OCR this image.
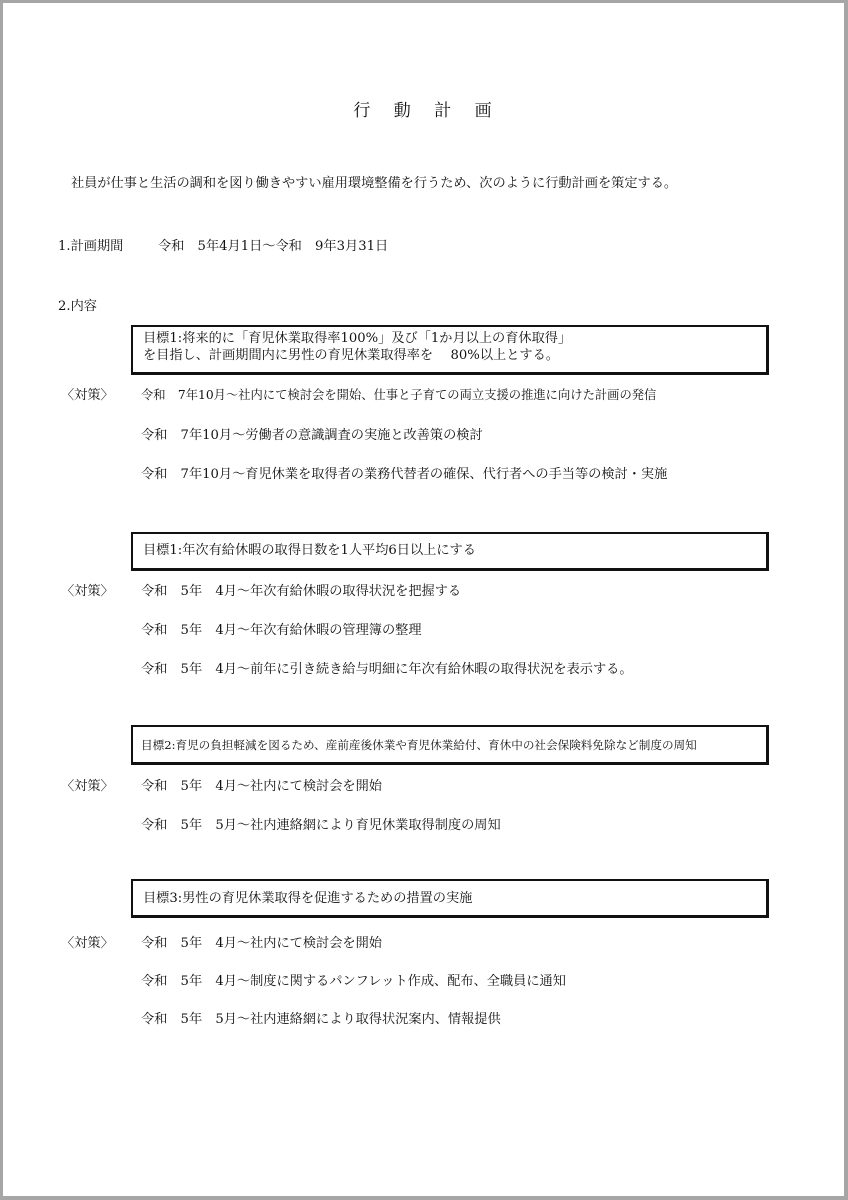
行 動 計 画
社員が仕事と生活の調和を図り働きやすい雇用環境整備を行うため、次のように行動計画を策定する。
1.計画期間	令和　5年4月1日～令和　9年3月31日
2.内容
目標1:将来的に「育児休業取得率100%」及び「1か月以上の育休取得」
を目指し、計画期間内に男性の育児休業取得率を　 80%以上とする。
〈対策〉 令和　7年10月～社内にて検討会を開始、仕事と子育ての両立支援の推進に向けた計画の発信
令和　7年10月～労働者の意識調査の実施と改善策の検討
令和　7年10月～育児休業を取得者の業務代替者の確保、代行者への手当等の検討・実施
目標1:年次有給休暇の取得日数を1人平均6日以上にする
〈対策〉 令和　5年　4月～年次有給休暇の取得状況を把握する
令和　5年　4月～年次有給休暇の管理簿の整理
令和　5年　4月～前年に引き続き給与明細に年次有給休暇の取得状況を表示する。
目標2:育児の負担軽減を図るため、産前産後休業や育児休業給付、育休中の社会保険料免除など制度の周知
〈対策〉 令和　5年　4月～社内にて検討会を開始
令和　5年　5月～社内連絡網により育児休業取得制度の周知
目標3:男性の育児休業取得を促進するための措置の実施
〈対策〉 令和　5年　4月～社内にて検討会を開始
令和　5年　4月～制度に関するパンフレット作成、配布、全職員に通知
令和　5年　5月～社内連絡網により取得状況案内、情報提供
